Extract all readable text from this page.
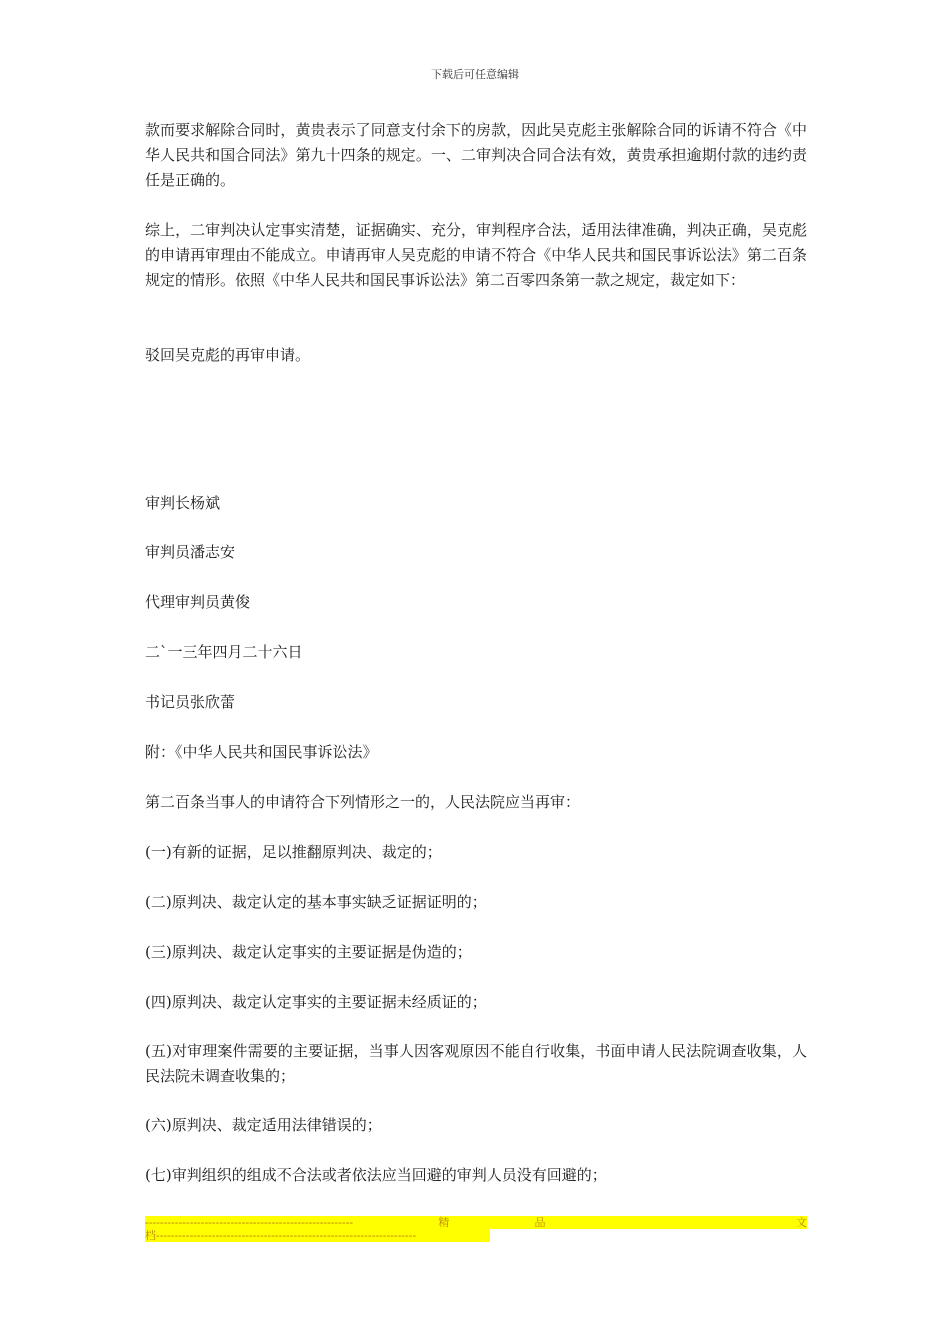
下载后可任意编辑

款而要求解除合同时，黄贵表示了同意支付余下的房款，因此吴克彪主张解除合同的诉请不符合《中华人民共和国合同法》第九十四条的规定。一、二审判决合同合法有效，黄贵承担逾期付款的违约责任是正确的。

综上，二审判决认定事实清楚，证据确实、充分，审判程序合法，适用法律准确，判决正确，吴克彪的申请再审理由不能成立。申请再审人吴克彪的申请不符合《中华人民共和国民事诉讼法》第二百条规定的情形。依照《中华人民共和国民事诉讼法》第二百零四条第一款之规定，裁定如下：

驳回吴克彪的再审申请。

审判长杨斌

审判员潘志安

代理审判员黄俊

二`一三年四月二十六日

书记员张欣蕾

附：《中华人民共和国民事诉讼法》

第二百条当事人的申请符合下列情形之一的，人民法院应当再审：

(一)有新的证据，足以推翻原判决、裁定的；

(二)原判决、裁定认定的基本事实缺乏证据证明的；

(三)原判决、裁定认定事实的主要证据是伪造的；

(四)原判决、裁定认定事实的主要证据未经质证的；

(五)对审理案件需要的主要证据，当事人因客观原因不能自行收集，书面申请人民法院调查收集，人民法院未调查收集的；

(六)原判决、裁定适用法律错误的；

(七)审判组织的组成不合法或者依法应当回避的审判人员没有回避的；

--------------------------------------------------------	精	品	文
档----------------------------------------------------------------------
